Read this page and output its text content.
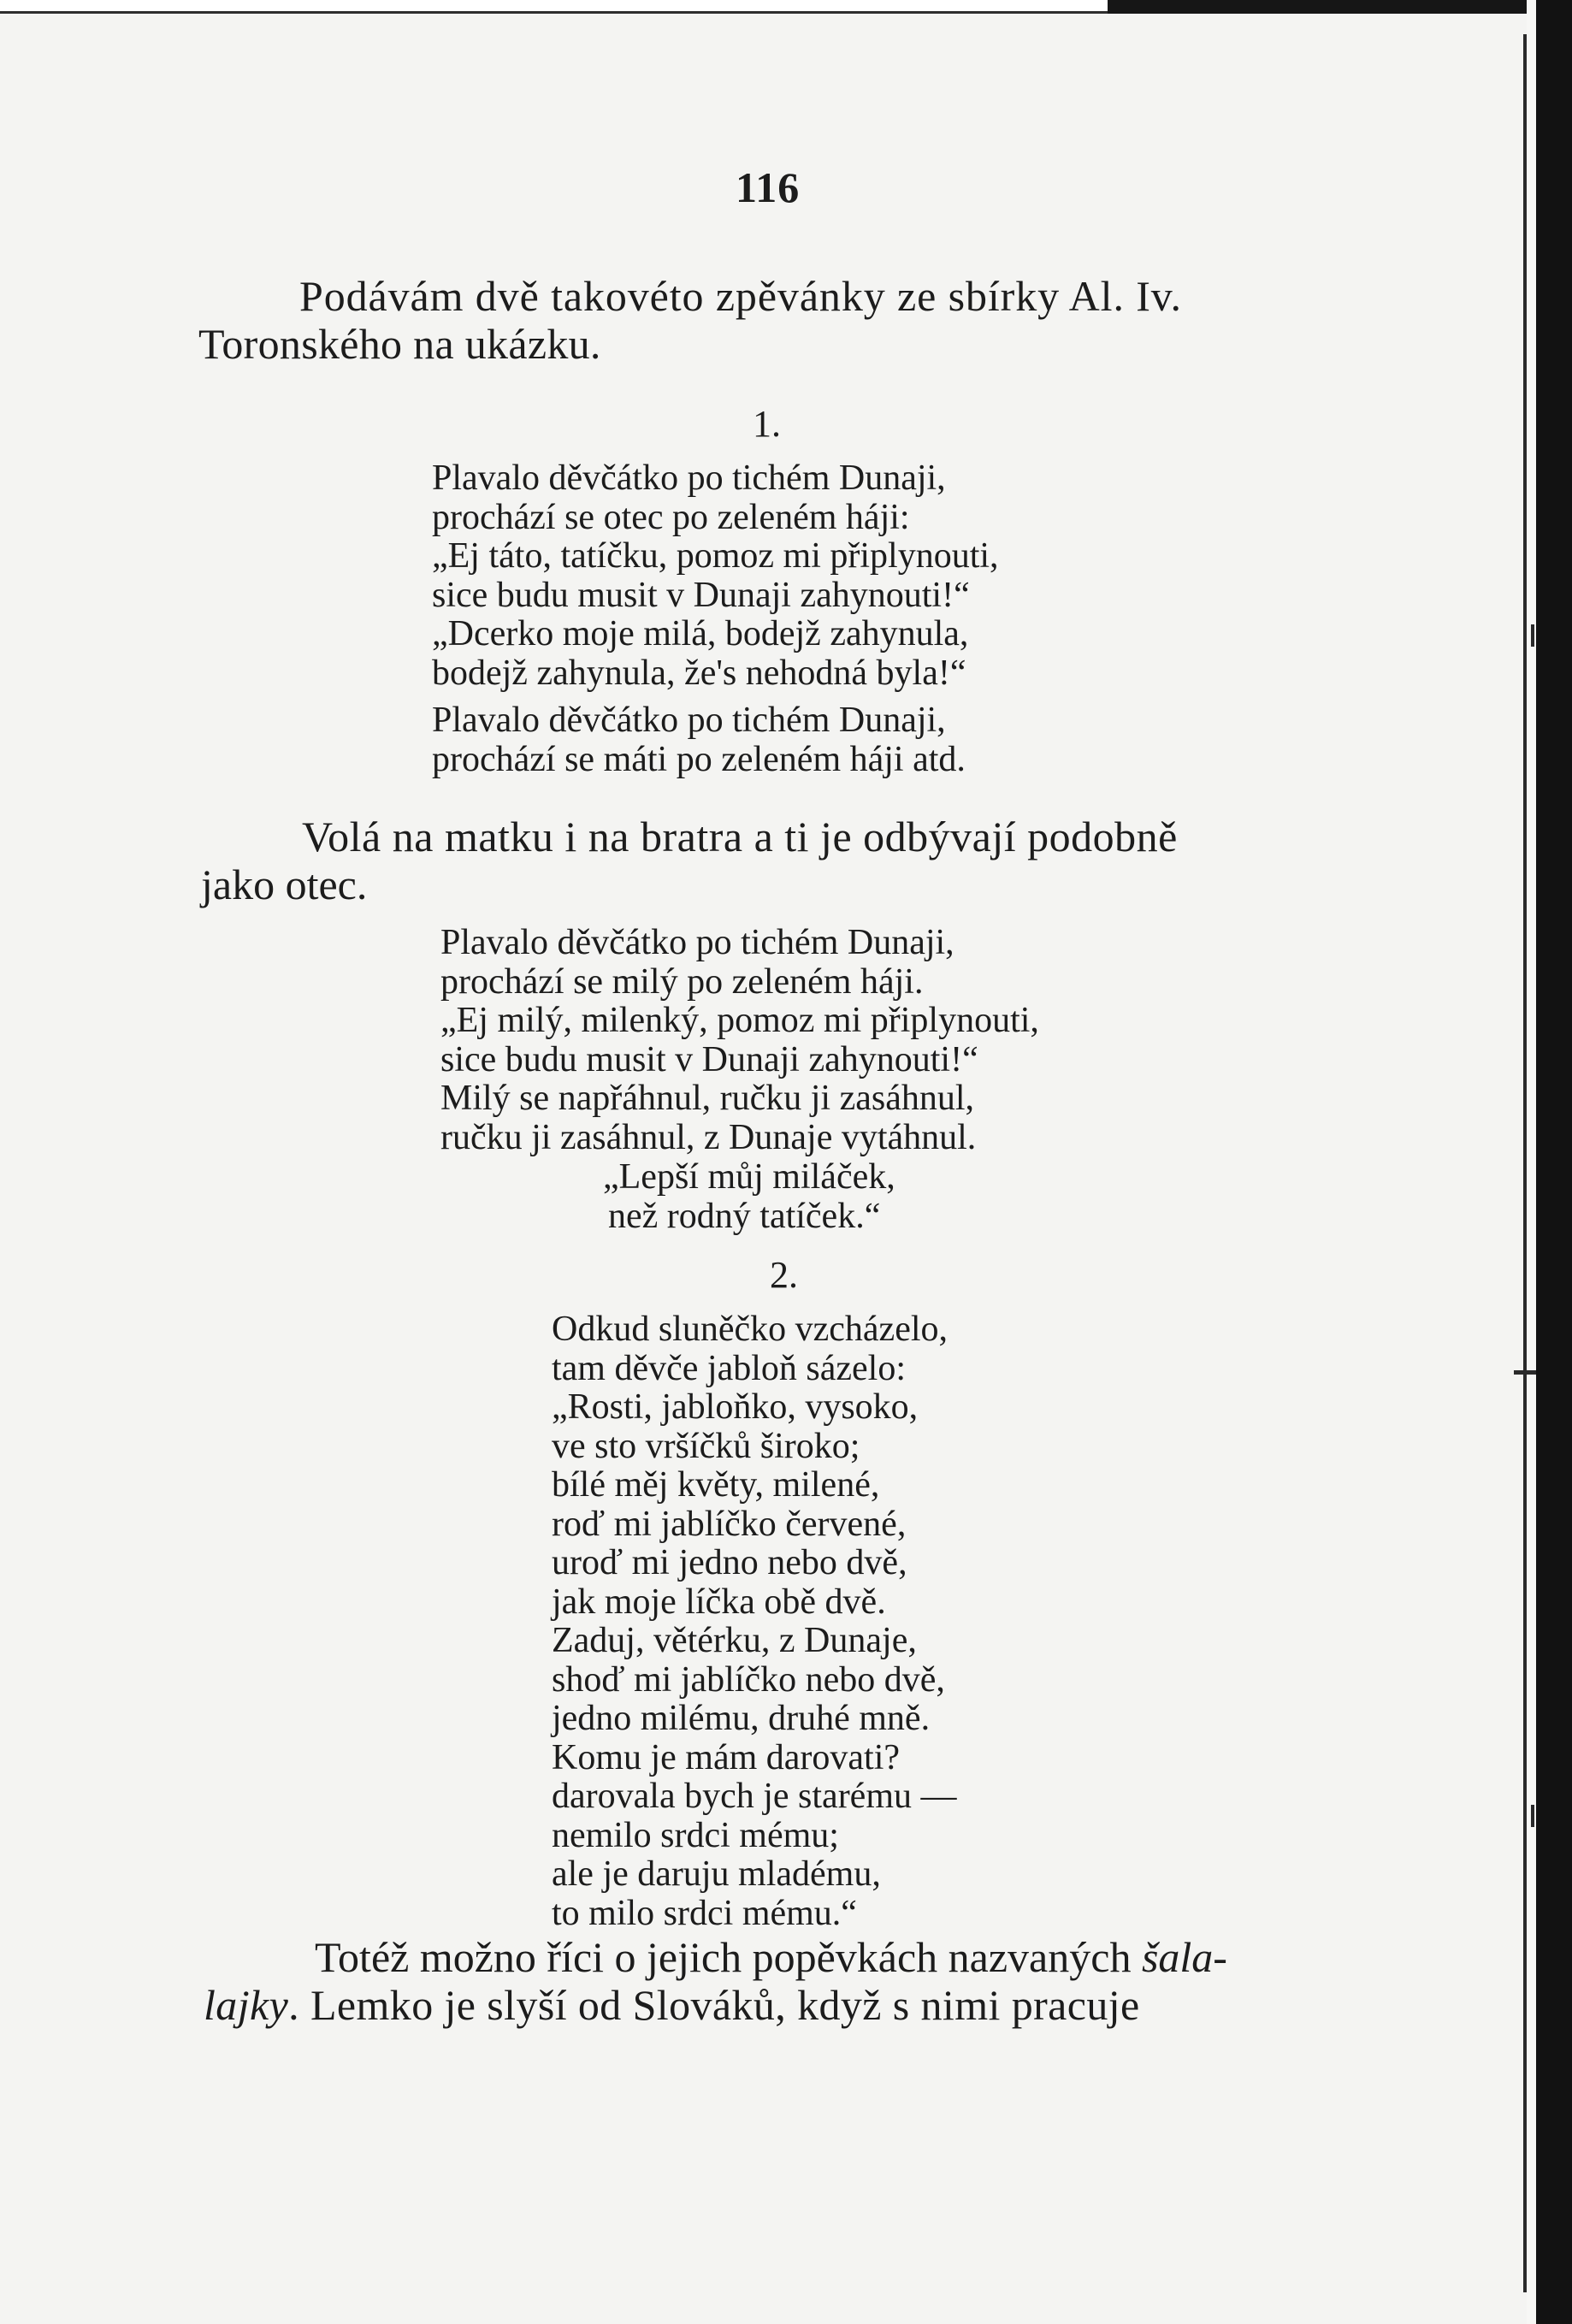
116
Podávám dvě takovéto zpěvánky ze sbírky Al. Iv.
Toronského na ukázku.
1.
Plavalo děvčátko po tichém Dunaji,
prochází se otec po zeleném háji:
„Ej táto, tatíčku, pomoz mi připlynouti,
sice budu musit v Dunaji zahynouti!“
„Dcerko moje milá, bodejž zahynula,
bodejž zahynula, že's nehodná byla!“
Plavalo děvčátko po tichém Dunaji,
prochází se máti po zeleném háji atd.
Volá na matku i na bratra a ti je odbývají podobně
jako otec.
Plavalo děvčátko po tichém Dunaji,
prochází se milý po zeleném háji.
„Ej milý, milenký, pomoz mi připlynouti,
sice budu musit v Dunaji zahynouti!“
Milý se napřáhnul, ručku ji zasáhnul,
ručku ji zasáhnul, z Dunaje vytáhnul.
„Lepší můj miláček,
než rodný tatíček.“
2.
Odkud sluněčko vzcházelo,
tam děvče jabloň sázelo:
„Rosti, jabloňko, vysoko,
ve sto vršíčků široko;
bílé měj květy, milené,
roď mi jablíčko červené,
uroď mi jedno nebo dvě,
jak moje líčka obě dvě.
Zaduj, větérku, z Dunaje,
shoď mi jablíčko nebo dvě,
jedno milému, druhé mně.
Komu je mám darovati?
darovala bych je starému —
nemilo srdci mému;
ale je daruju mladému,
to milo srdci mému.“
Totéž možno říci o jejich popěvkách nazvaných šala-
lajky. Lemko je slyší od Slováků, když s nimi pracuje
